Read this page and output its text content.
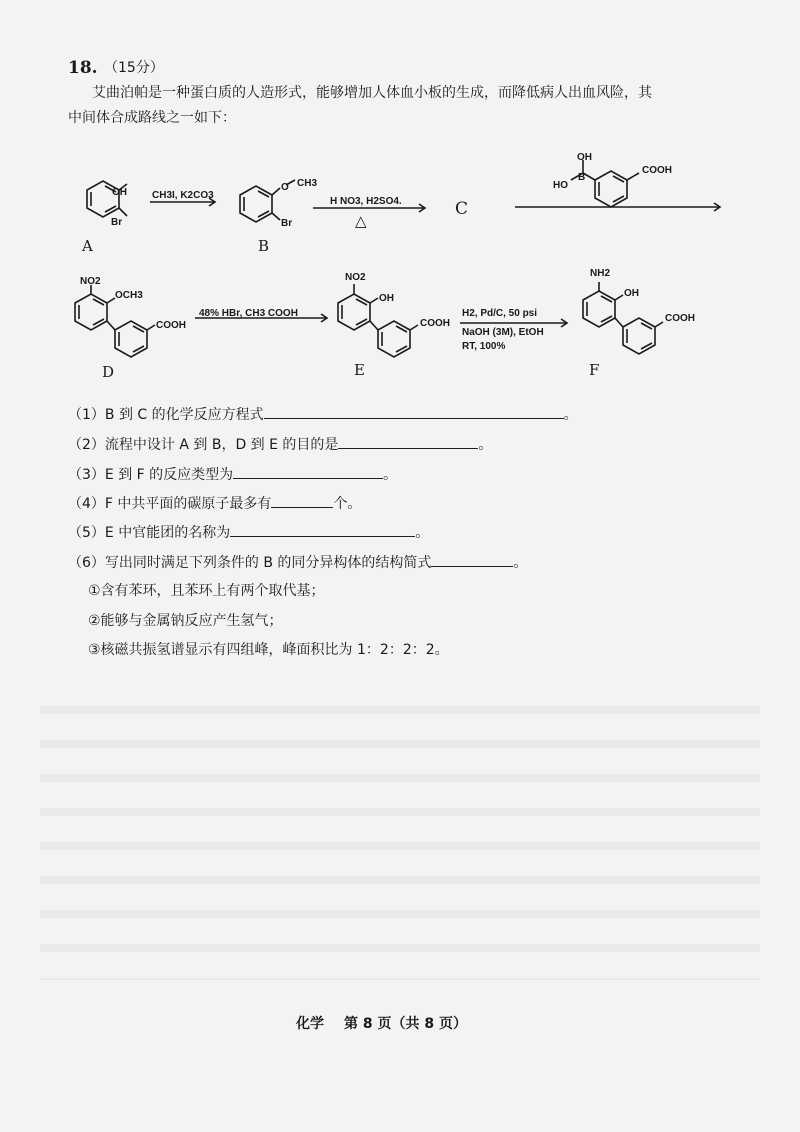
18. （15分）
艾曲泊帕是一种蛋白质的人造形式，能够增加人体血小板的生成，而降低病人出血风险，其
中间体合成路线之一如下：
OH
Br
A
CH3I, K2CO3
O CH3
Br
B
H NO3, H2SO4.
△
C
OH
B
HO
COOH
NO2
OCH3
COOH
D
48% HBr, CH3 COOH
NO2
OH
COOH
E
H2, Pd/C, 50 psi
NaOH (3M), EtOH
RT, 100%
NH2
OH
COOH
F
（1）B 到 C 的化学反应方程式	。
（2）流程中设计 A 到 B，D 到 E 的目的是	。
（3）E 到 F 的反应类型为	。
（4）F 中共平面的碳原子最多有	个。
（5）E 中官能团的名称为	。
（6）写出同时满足下列条件的 B 的同分异构体的结构简式	。
①含有苯环，且苯环上有两个取代基；
②能够与金属钠反应产生氢气；
③核磁共振氢谱显示有四组峰，峰面积比为 1：2：2：2。
化学 第 8 页（共 8 页）
